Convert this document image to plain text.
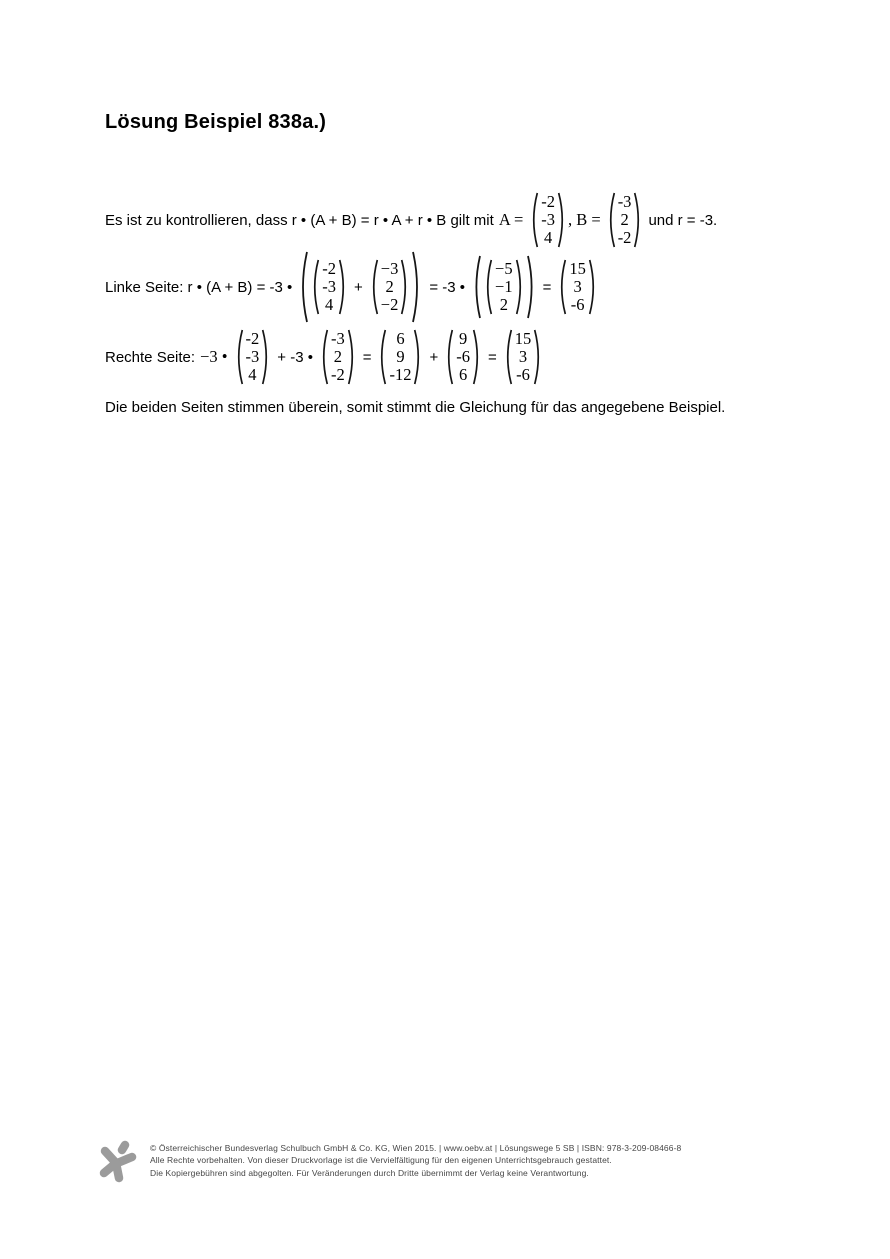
Lösung Beispiel 838a.)
Es ist zu kontrollieren, dass r • (A + B) = r • A + r • B gilt mit A =
-2
-3
4
, B =
-3
2
-2
und r = -3.
Linke Seite: r • (A + B) = -3 •
-2
-3
4
+
−3
2
−2
= -3 •
−5
−1
2
=
15
3
-6
Rechte Seite: −3 •
-2
-3
4
+ -3 •
-3
2
-2
=
6
9
-12
+
9
-6
6
=
15
3
-6

Die beiden Seiten stimmen überein, somit stimmt die Gleichung für das angegebene Beispiel.

© Österreichischer Bundesverlag Schulbuch GmbH & Co. KG, Wien 2015. | www.oebv.at | Lösungswege 5 SB | ISBN: 978-3-209-08466-8
Alle Rechte vorbehalten. Von dieser Druckvorlage ist die Vervielfältigung für den eigenen Unterrichtsgebrauch gestattet.
Die Kopiergebühren sind abgegolten. Für Veränderungen durch Dritte übernimmt der Verlag keine Verantwortung.
